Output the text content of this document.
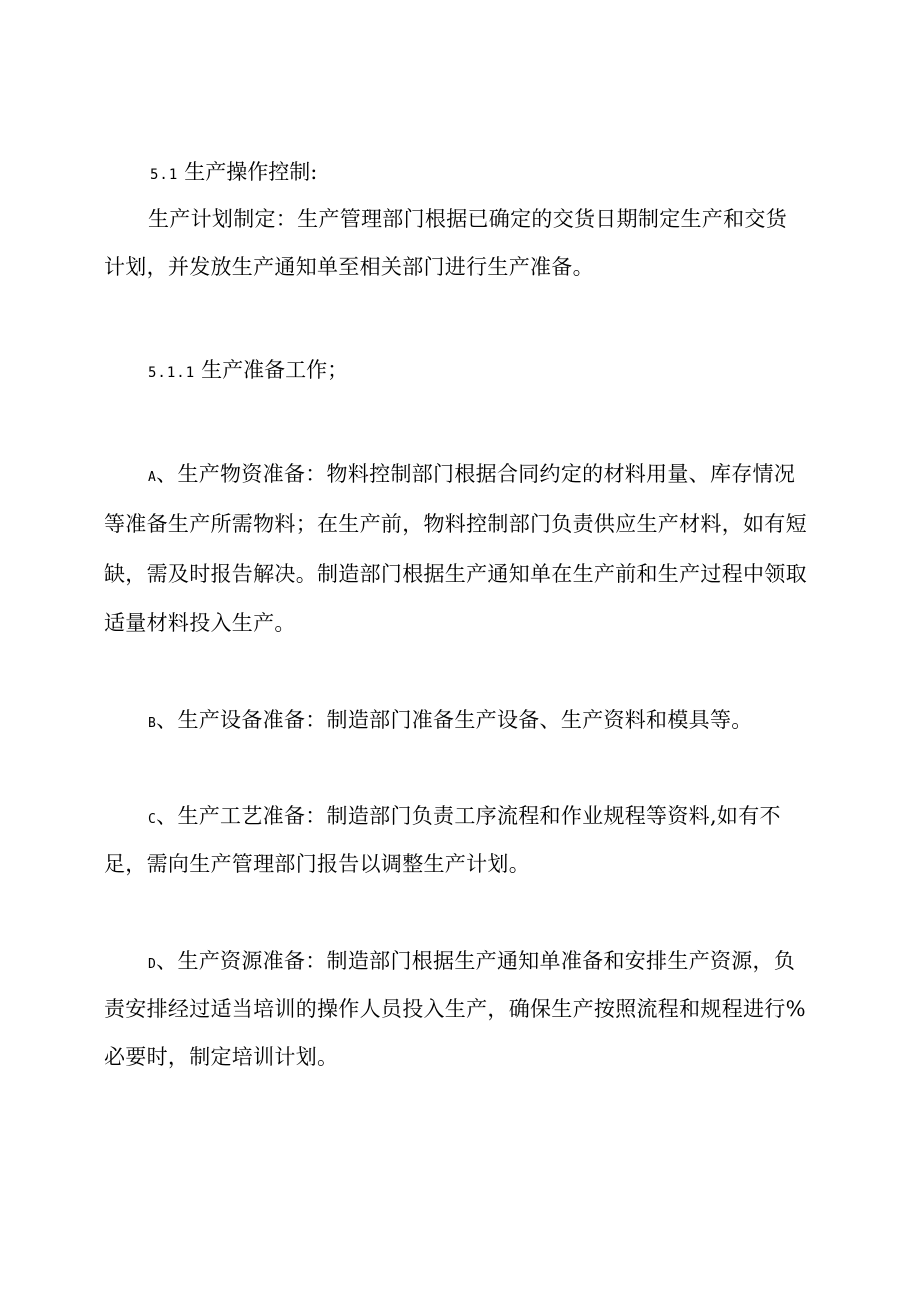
5.1 生产操作控制:
生产计划制定：生产管理部门根据已确定的交货日期制定生产和交货
计划，并发放生产通知单至相关部门进行生产准备。
5.1.1 生产准备工作；
A、生产物资准备：物料控制部门根据合同约定的材料用量、库存情况
等准备生产所需物料；在生产前，物料控制部门负责供应生产材料，如有短
缺，需及时报告解决。制造部门根据生产通知单在生产前和生产过程中领取
适量材料投入生产。
B、生产设备准备：制造部门准备生产设备、生产资料和模具等。
C、生产工艺准备：制造部门负责工序流程和作业规程等资料,如有不
足，需向生产管理部门报告以调整生产计划。
D、生产资源准备：制造部门根据生产通知单准备和安排生产资源，负
责安排经过适当培训的操作人员投入生产，确保生产按照流程和规程进行%
必要时，制定培训计划。
